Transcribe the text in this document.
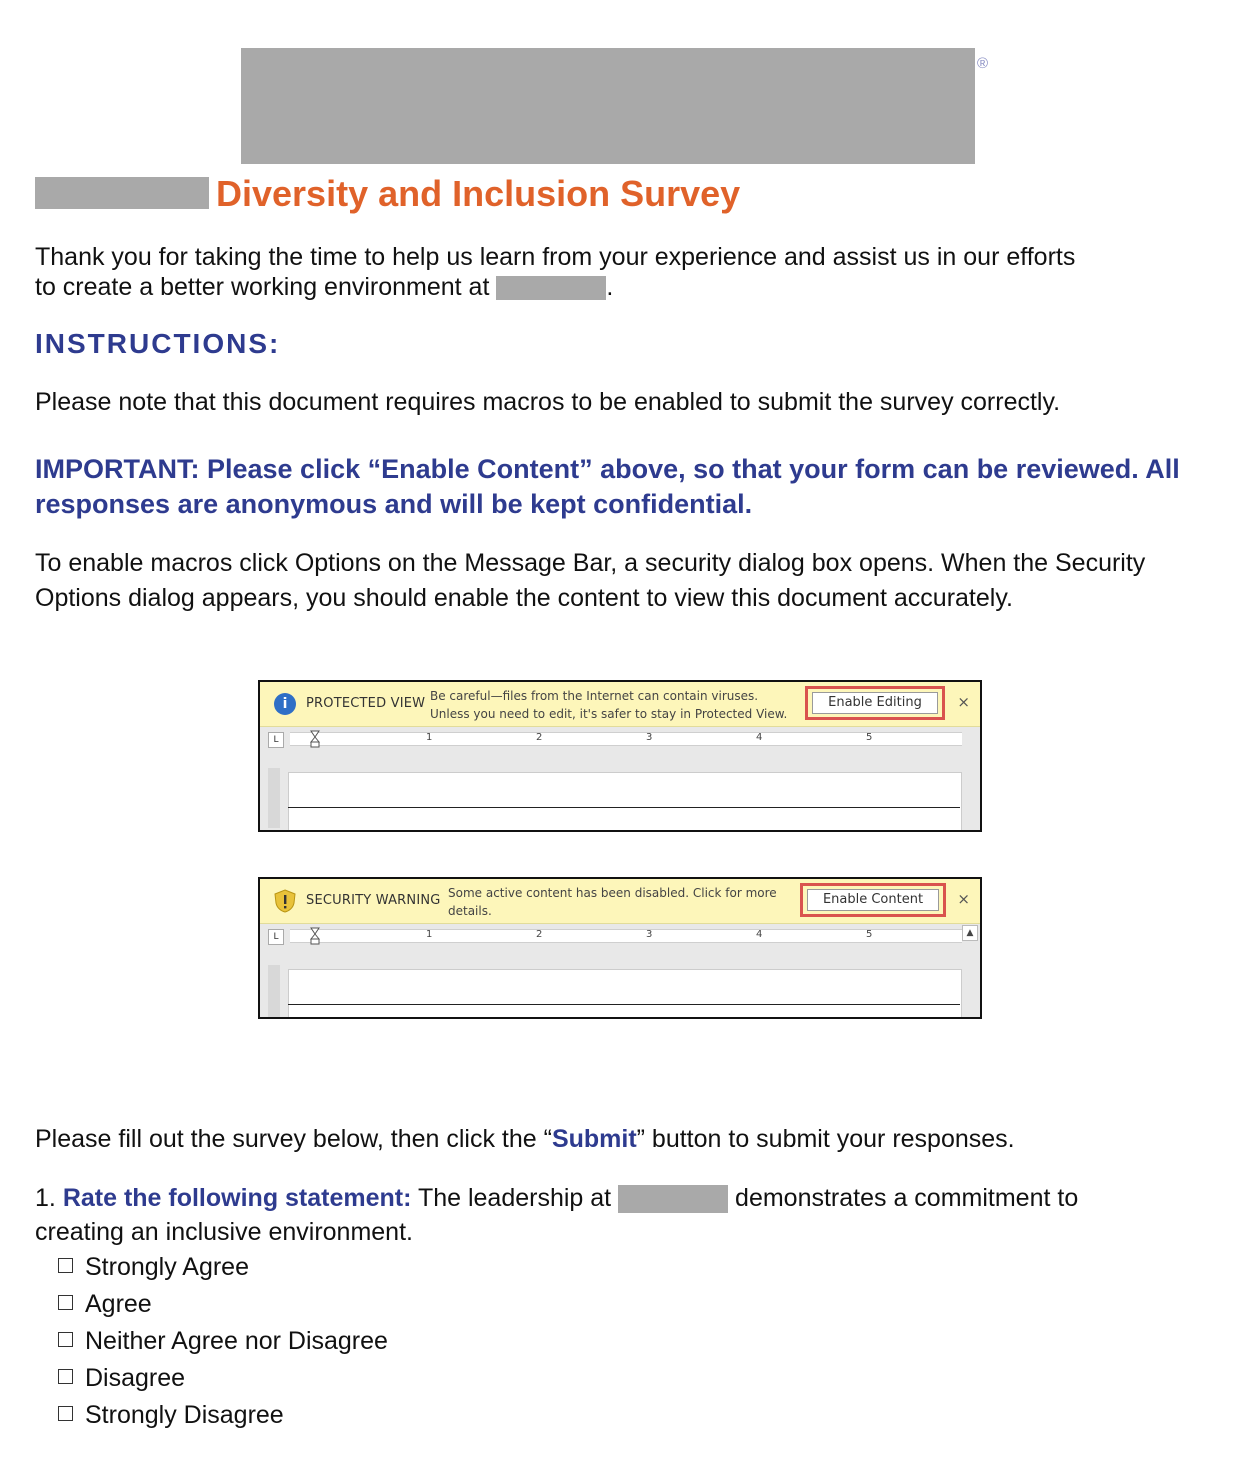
®
Diversity and Inclusion Survey
Thank you for taking the time to help us learn from your experience and assist us in our efforts
to create a better working environment at	.
INSTRUCTIONS:
Please note that this document requires macros to be enabled to submit the survey correctly.
IMPORTANT: Please click “Enable Content” above, so that your form can be reviewed. All responses are anonymous and will be kept confidential.
To enable macros click Options on the Message Bar, a security dialog box opens. When the Security Options dialog appears, you should enable the content to view this document accurately.
i	PROTECTED VIEW Be careful—files from the Internet can contain viruses.
Unless you need to edit, it's safer to stay in Protected View.
Enable Editing	×
L	1	2	3	4	5
SECURITY WARNING Some active content has been disabled. Click for more
details.
Enable Content	×
L	1	2	3	4	5	▲
Please fill out the survey below, then click the “Submit” button to submit your responses.
1. Rate the following statement: The leadership at	demonstrates a commitment to
creating an inclusive environment.
Strongly Agree
Agree
Neither Agree nor Disagree
Disagree
Strongly Disagree
